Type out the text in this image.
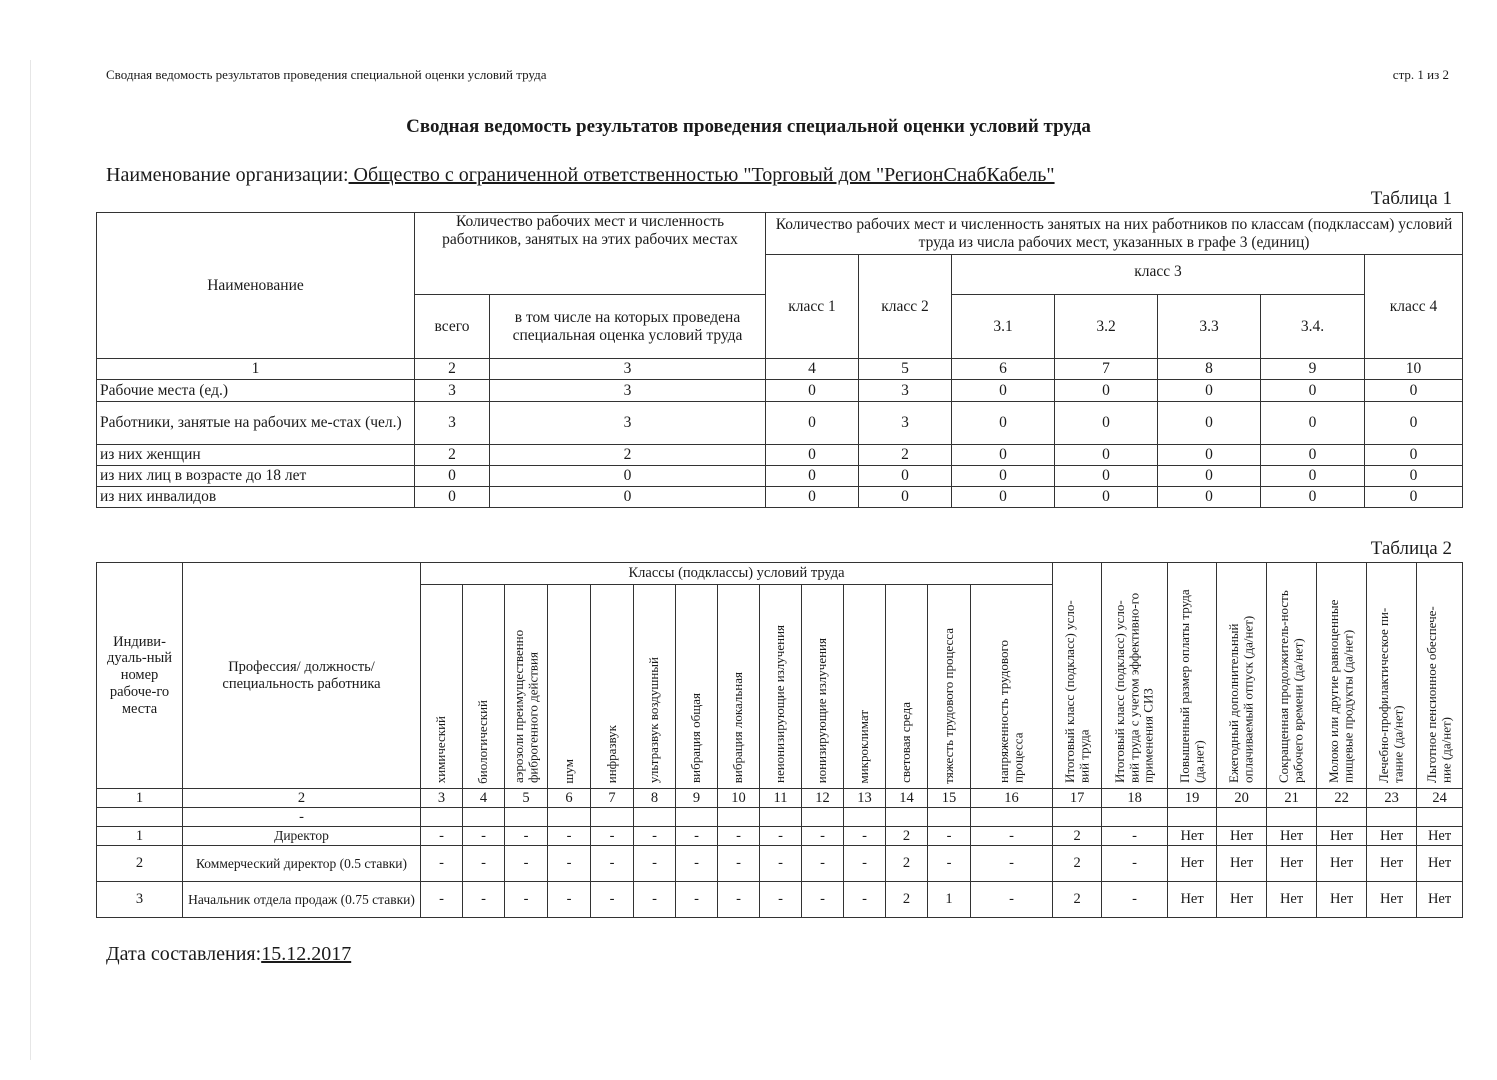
Сводная ведомость результатов проведения специальной оценки условий труда	стр. 1 из 2
Сводная ведомость результатов проведения специальной оценки условий труда
Наименование организации: Общество с ограниченной ответственностью "Торговый дом "РегионСнабКабель"
Таблица 1
Наименование	Количество рабочих мест и численность работников, занятых на этих рабочих местах		Количество рабочих мест и численность занятых на них работников по классам (подклассам) условий труда из числа рабочих мест, указанных в графе 3 (единиц)						
			класс 1	класс 2	класс 3				класс 4
	всего	в том числе на которых проведена специальная оценка условий труда			3.1	3.2	3.3	3.4.	
1	2	3	4	5	6	7	8	9	10
Рабочие места (ед.)	3	3	0	3	0	0	0	0	0
Работники, занятые на рабочих ме-стах (чел.)	3	3	0	3	0	0	0	0	0
из них женщин	2	2	0	2	0	0	0	0	0
из них лиц в возрасте до 18 лет	0	0	0	0	0	0	0	0	0
из них инвалидов	0	0	0	0	0	0	0	0	0
Таблица 2
Индиви-дуаль-ный номер рабоче-го места	Профессия/ должность/ специальность работника	Классы (подклассы) условий труда														Итоговый класс (подкласс) усло-вий труда	Итоговый класс (подкласс) усло-вий труда с учетом эффективно-го применения СИЗ	Повышенный размер оплаты труда (да,нет)	Ежегодный дополнительный оплачиваемый отпуск (да/нет)	Сокращенная продолжитель-ность рабочего времени (да/нет)	Молоко или другие равноценные пищевые продукты (да/нет)	Лечебно-профилактическое пи-тание (да/нет)	Льготное пенсионное обеспече-ние (да/нет)
		химический	биологический	аэрозоли преимущественно фиброгенного действия	шум	инфразвук	ультразвук воздушный	вибрация общая	вибрация локальная	неионизирующие излучения	ионизирующие излучения	микроклимат	световая среда	тяжесть трудового процесса	напряженность трудового процесса								
1	2	3	4	5	6	7	8	9	10	11	12	13	14	15	16	17	18	19	20	21	22	23	24
	-																						
1	Директор	-	-	-	-	-	-	-	-	-	-	-	2	-	-	2	-	Нет	Нет	Нет	Нет	Нет	Нет
2	Коммерческий директор (0.5 ставки)	-	-	-	-	-	-	-	-	-	-	-	2	-	-	2	-	Нет	Нет	Нет	Нет	Нет	Нет
3	Начальник отдела продаж (0.75 ставки)	-	-	-	-	-	-	-	-	-	-	-	2	1	-	2	-	Нет	Нет	Нет	Нет	Нет	Нет
Дата составления:15.12.2017
